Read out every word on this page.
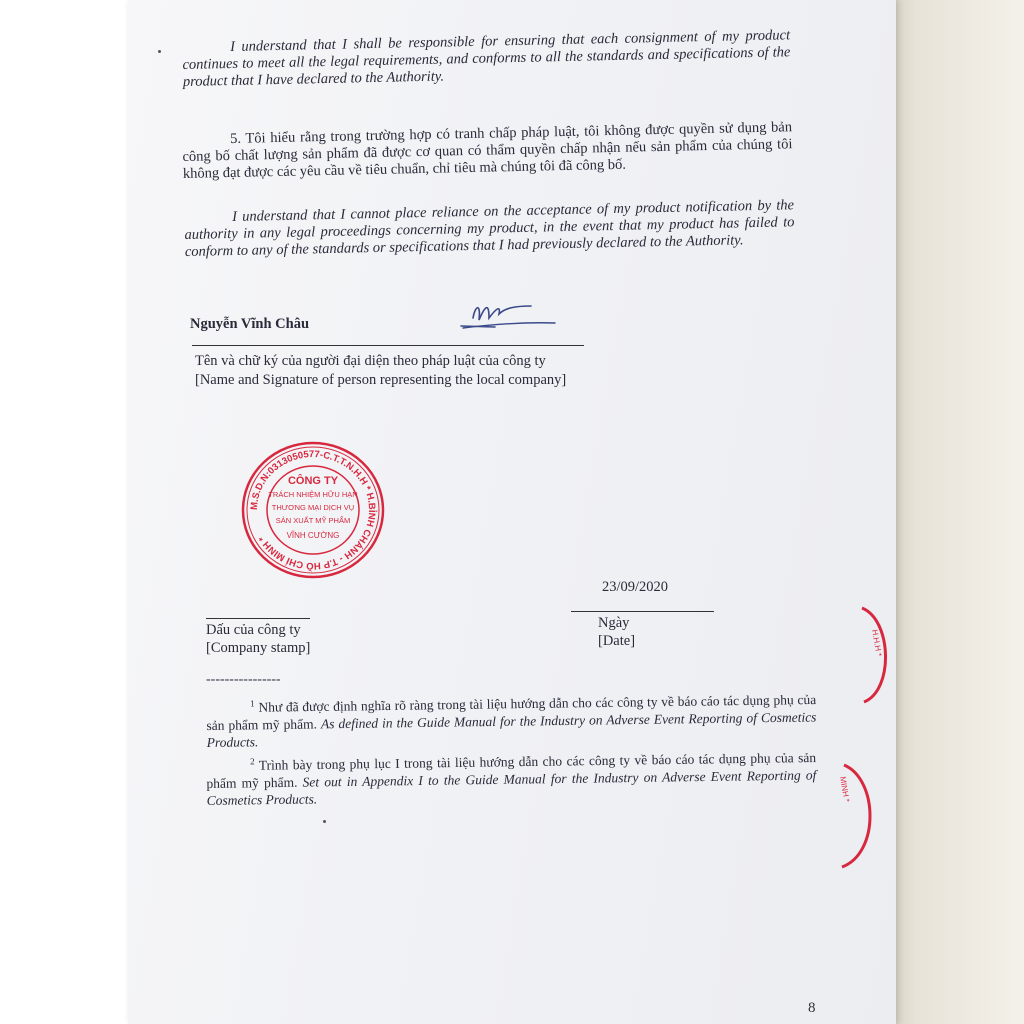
I understand that I shall be responsible for ensuring that each consignment of my product continues to meet all the legal requirements, and conforms to all the standards and specifications of the product that I have declared to the Authority.
5. Tôi hiểu rằng trong trường hợp có tranh chấp pháp luật, tôi không được quyền sử dụng bản công bố chất lượng sản phẩm đã được cơ quan có thẩm quyền chấp nhận nếu sản phẩm của chúng tôi không đạt được các yêu cầu về tiêu chuẩn, chỉ tiêu mà chúng tôi đã công bố.
I understand that I cannot place reliance on the acceptance of my product notification by the authority in any legal proceedings concerning my product, in the event that my product has failed to conform to any of the standards or specifications that I had previously declared to the Authority.
Nguyễn Vĩnh Châu
Tên và chữ ký của người đại diện theo pháp luật của công ty
[Name and Signature of person representing the local company]
M.S.D.N:0313050577-C.T.T.N.H.H * H.BÌNH CHÁNH - T.P HỒ CHÍ MINH *
CÔNG TY
TRÁCH NHIỆM HỮU HẠN
THƯƠNG MẠI DỊCH VỤ
SẢN XUẤT MỸ PHẨM
VĨNH CƯỜNG
23/09/2020
Ngày
[Date]
Dấu của công ty
[Company stamp]
----------------
$^1$ Như đã được định nghĩa rõ ràng trong tài liệu hướng dẫn cho các công ty về báo cáo tác dụng phụ của sản phẩm mỹ phẩm. As defined in the Guide Manual for the Industry on Adverse Event Reporting of Cosmetics Products.
$^2$ Trình bày trong phụ lục I trong tài liệu hướng dẫn cho các công ty về báo cáo tác dụng phụ của sản phẩm mỹ phẩm. Set out in Appendix I to the Guide Manual for the Industry on Adverse Event Reporting of Cosmetics Products.
H.H.H *
MINH *
8
